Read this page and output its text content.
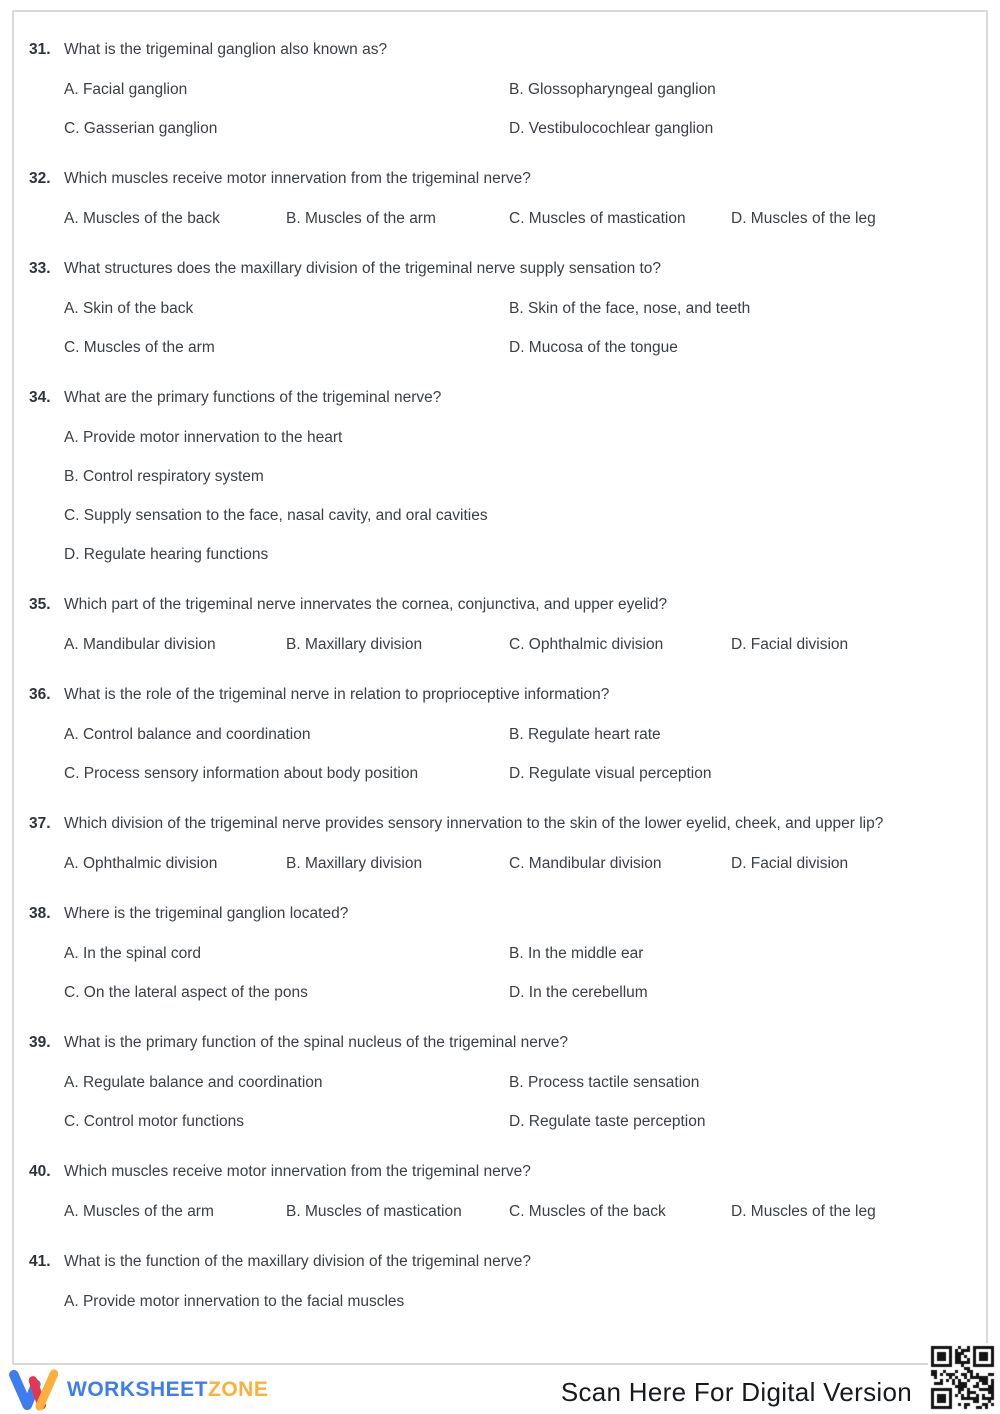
31. What is the trigeminal ganglion also known as?
A. Facial ganglion	B. Glossopharyngeal ganglion
C. Gasserian ganglion	D. Vestibulocochlear ganglion
32. Which muscles receive motor innervation from the trigeminal nerve?
A. Muscles of the back	B. Muscles of the arm	C. Muscles of mastication	D. Muscles of the leg
33. What structures does the maxillary division of the trigeminal nerve supply sensation to?
A. Skin of the back	B. Skin of the face, nose, and teeth
C. Muscles of the arm	D. Mucosa of the tongue
34. What are the primary functions of the trigeminal nerve?
A. Provide motor innervation to the heart
B. Control respiratory system
C. Supply sensation to the face, nasal cavity, and oral cavities
D. Regulate hearing functions
35. Which part of the trigeminal nerve innervates the cornea, conjunctiva, and upper eyelid?
A. Mandibular division	B. Maxillary division	C. Ophthalmic division	D. Facial division
36. What is the role of the trigeminal nerve in relation to proprioceptive information?
A. Control balance and coordination	B. Regulate heart rate
C. Process sensory information about body position	D. Regulate visual perception
37. Which division of the trigeminal nerve provides sensory innervation to the skin of the lower eyelid, cheek, and upper lip?
A. Ophthalmic division	B. Maxillary division	C. Mandibular division	D. Facial division
38. Where is the trigeminal ganglion located?
A. In the spinal cord	B. In the middle ear
C. On the lateral aspect of the pons	D. In the cerebellum
39. What is the primary function of the spinal nucleus of the trigeminal nerve?
A. Regulate balance and coordination	B. Process tactile sensation
C. Control motor functions	D. Regulate taste perception
40. Which muscles receive motor innervation from the trigeminal nerve?
A. Muscles of the arm	B. Muscles of mastication	C. Muscles of the back	D. Muscles of the leg
41. What is the function of the maxillary division of the trigeminal nerve?
A. Provide motor innervation to the facial muscles
WORKSHEETZONE	Scan Here For Digital Version
